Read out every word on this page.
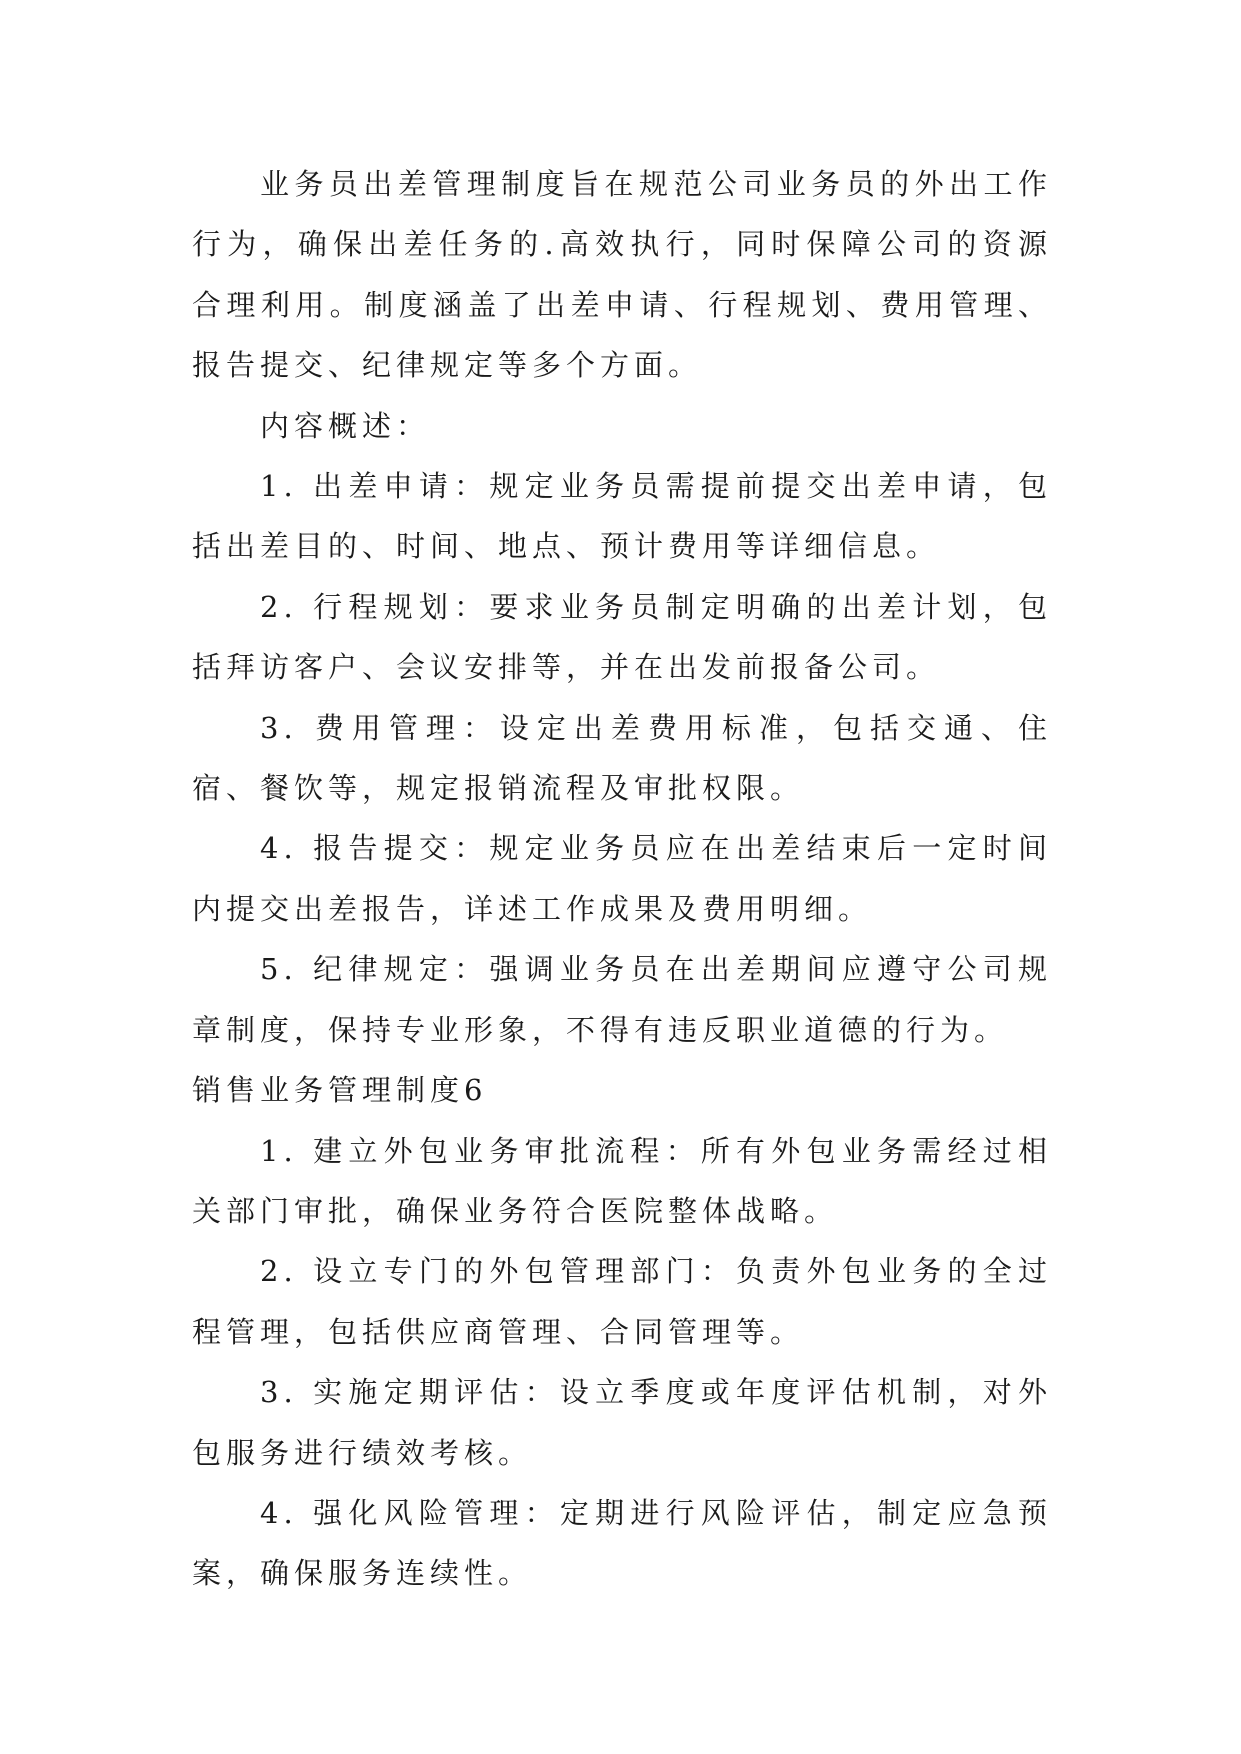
业务员出差管理制度旨在规范公司业务员的外出工作行为，确保出差任务的.高效执行，同时保障公司的资源合理利用。制度涵盖了出差申请、行程规划、费用管理、报告提交、纪律规定等多个方面。

内容概述：

1. 出差申请：规定业务员需提前提交出差申请，包括出差目的、时间、地点、预计费用等详细信息。

2. 行程规划：要求业务员制定明确的出差计划，包括拜访客户、会议安排等，并在出发前报备公司。

3. 费用管理：设定出差费用标准，包括交通、住宿、餐饮等，规定报销流程及审批权限。

4. 报告提交：规定业务员应在出差结束后一定时间内提交出差报告，详述工作成果及费用明细。

5. 纪律规定：强调业务员在出差期间应遵守公司规章制度，保持专业形象，不得有违反职业道德的行为。

销售业务管理制度6

1. 建立外包业务审批流程：所有外包业务需经过相关部门审批，确保业务符合医院整体战略。

2. 设立专门的外包管理部门：负责外包业务的全过程管理，包括供应商管理、合同管理等。

3. 实施定期评估：设立季度或年度评估机制，对外包服务进行绩效考核。

4. 强化风险管理：定期进行风险评估，制定应急预案，确保服务连续性。
